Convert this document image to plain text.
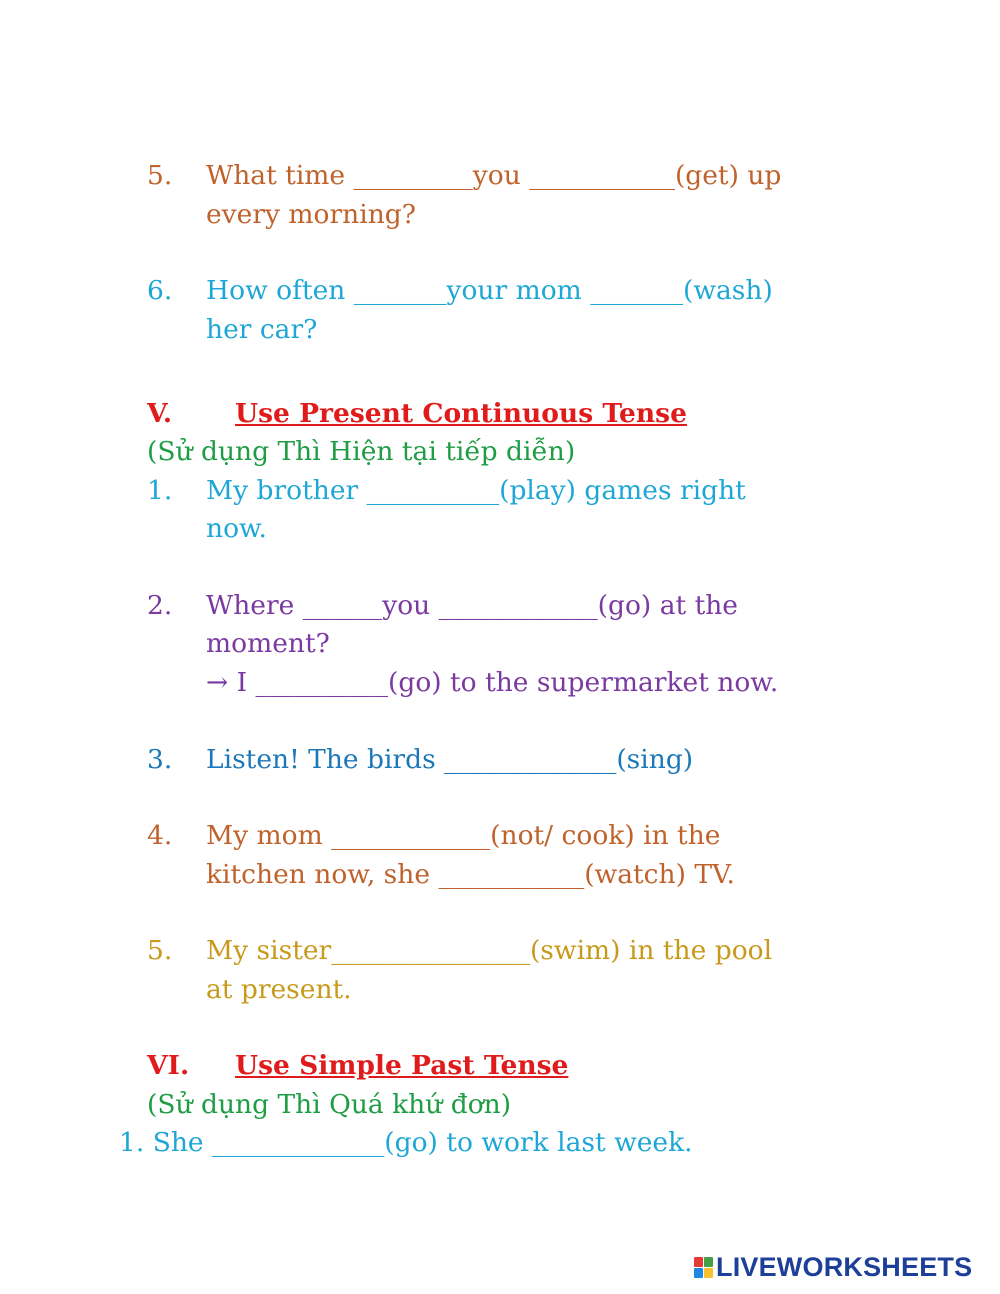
5. What time _________you ___________(get) up
every morning?
6. How often _______your mom _______(wash)
her car?
V. Use Present Continuous Tense
(Sử dụng Thì Hiện tại tiếp diễn)
1. My brother __________(play) games right
now.
2. Where ______you ____________(go) at the
moment?
→ I __________(go) to the supermarket now.
3. Listen! The birds _____________(sing)
4. My mom ____________(not/ cook) in the
kitchen now, she ___________(watch) TV.
5. My sister_______________(swim) in the pool
at present.
VI. Use Simple Past Tense
(Sử dụng Thì Quá khứ đơn)
1. She _____________(go) to work last week.
LIVEWORKSHEETS
